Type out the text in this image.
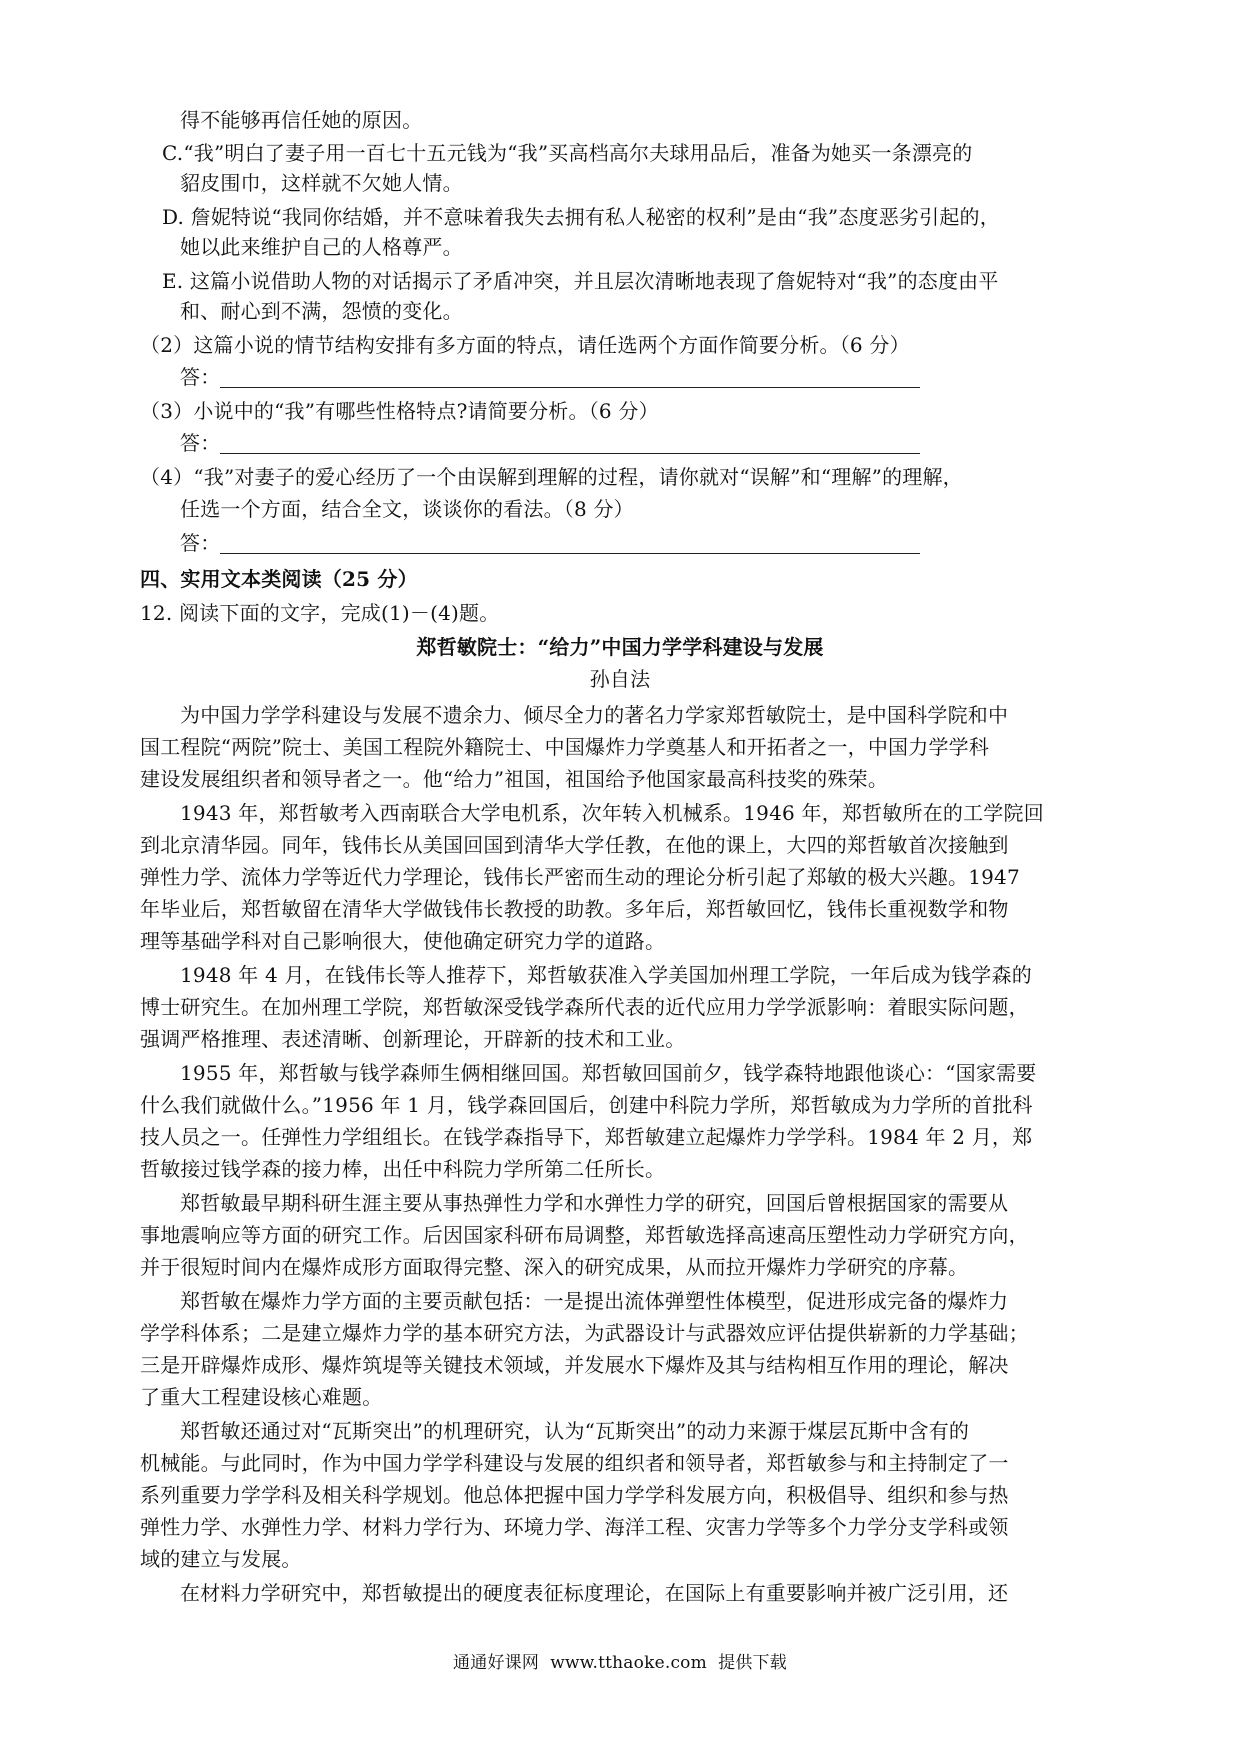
得不能够再信任她的原因。
C.“我”明白了妻子用一百七十五元钱为“我”买高档高尔夫球用品后，准备为她买一条漂亮的
貂皮围巾，这样就不欠她人情。
D. 詹妮特说“我同你结婚，并不意味着我失去拥有私人秘密的权利”是由“我”态度恶劣引起的，
她以此来维护自己的人格尊严。
E. 这篇小说借助人物的对话揭示了矛盾冲突，并且层次清晰地表现了詹妮特对“我”的态度由平
和、耐心到不满，怨愤的变化。
（2）这篇小说的情节结构安排有多方面的特点，请任选两个方面作简要分析。（6 分）
答：
（3）小说中的“我”有哪些性格特点?请简要分析。（6 分）
答：
（4）“我”对妻子的爱心经历了一个由误解到理解的过程，请你就对“误解”和“理解”的理解，
任选一个方面，结合全文，谈谈你的看法。（8 分）
答：
四、实用文本类阅读（25 分）
12. 阅读下面的文字，完成(1)－(4)题。
郑哲敏院士：“给力”中国力学学科建设与发展
孙自法
为中国力学学科建设与发展不遗余力、倾尽全力的著名力学家郑哲敏院士，是中国科学院和中
国工程院“两院”院士、美国工程院外籍院士、中国爆炸力学奠基人和开拓者之一，中国力学学科
建设发展组织者和领导者之一。他“给力”祖国，祖国给予他国家最高科技奖的殊荣。
1943 年，郑哲敏考入西南联合大学电机系，次年转入机械系。1946 年，郑哲敏所在的工学院回
到北京清华园。同年，钱伟长从美国回国到清华大学任教，在他的课上，大四的郑哲敏首次接触到
弹性力学、流体力学等近代力学理论，钱伟长严密而生动的理论分析引起了郑敏的极大兴趣。1947
年毕业后，郑哲敏留在清华大学做钱伟长教授的助教。多年后，郑哲敏回忆，钱伟长重视数学和物
理等基础学科对自己影响很大，使他确定研究力学的道路。
1948 年 4 月，在钱伟长等人推荐下，郑哲敏获准入学美国加州理工学院，一年后成为钱学森的
博士研究生。在加州理工学院，郑哲敏深受钱学森所代表的近代应用力学学派影响：着眼实际问题，
强调严格推理、表述清晰、创新理论，开辟新的技术和工业。
1955 年，郑哲敏与钱学森师生俩相继回国。郑哲敏回国前夕，钱学森特地跟他谈心：“国家需要
什么我们就做什么。”1956 年 1 月，钱学森回国后，创建中科院力学所，郑哲敏成为力学所的首批科
技人员之一。任弹性力学组组长。在钱学森指导下，郑哲敏建立起爆炸力学学科。1984 年 2 月，郑
哲敏接过钱学森的接力棒，出任中科院力学所第二任所长。
郑哲敏最早期科研生涯主要从事热弹性力学和水弹性力学的研究，回国后曾根据国家的需要从
事地震响应等方面的研究工作。后因国家科研布局调整，郑哲敏选择高速高压塑性动力学研究方向，
并于很短时间内在爆炸成形方面取得完整、深入的研究成果，从而拉开爆炸力学研究的序幕。
郑哲敏在爆炸力学方面的主要贡献包括：一是提出流体弹塑性体模型，促进形成完备的爆炸力
学学科体系；二是建立爆炸力学的基本研究方法，为武器设计与武器效应评估提供崭新的力学基础；
三是开辟爆炸成形、爆炸筑堤等关键技术领域，并发展水下爆炸及其与结构相互作用的理论，解决
了重大工程建设核心难题。
郑哲敏还通过对“瓦斯突出”的机理研究，认为“瓦斯突出”的动力来源于煤层瓦斯中含有的
机械能。与此同时，作为中国力学学科建设与发展的组织者和领导者，郑哲敏参与和主持制定了一
系列重要力学学科及相关科学规划。他总体把握中国力学学科发展方向，积极倡导、组织和参与热
弹性力学、水弹性力学、材料力学行为、环境力学、海洋工程、灾害力学等多个力学分支学科或领
域的建立与发展。
在材料力学研究中，郑哲敏提出的硬度表征标度理论，在国际上有重要影响并被广泛引用，还
通通好课网  www.tthaoke.com  提供下载
